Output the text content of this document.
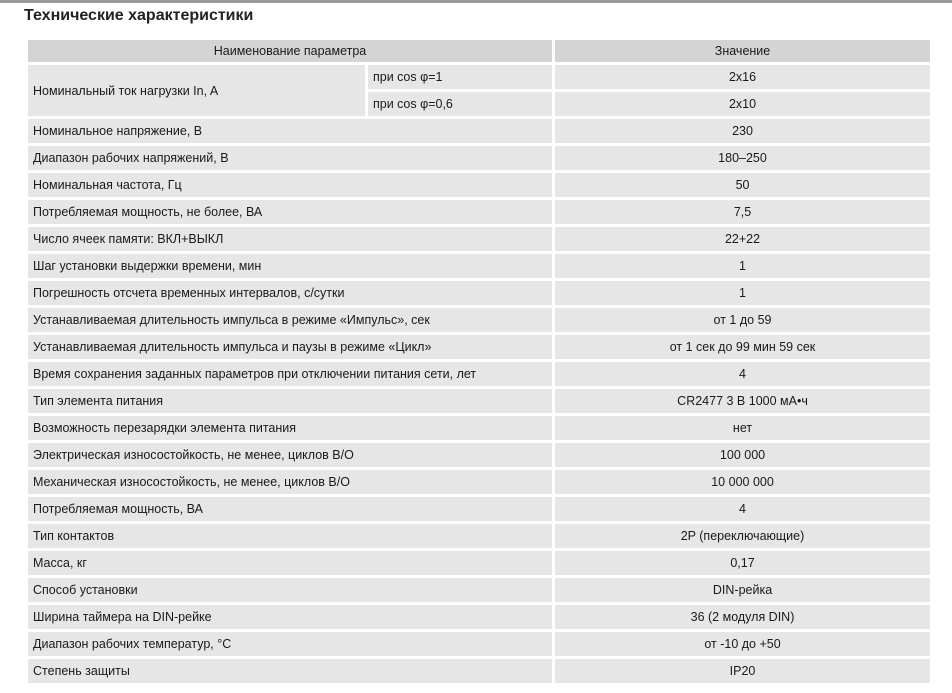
Технические характеристики
Наименование параметра		Значение
Номинальный ток нагрузки In, A	при cos φ=1	2x16
	при cos φ=0,6	2x10
Номинальное напряжение, В		230
Диапазон рабочих напряжений, В		180–250
Номинальная частота, Гц		50
Потребляемая мощность, не более, ВА		7,5
Число ячеек памяти: ВКЛ+ВЫКЛ		22+22
Шаг установки выдержки времени, мин		1
Погрешность отсчета временных интервалов, с/сутки		1
Устанавливаемая длительность импульса в режиме «Импульс», сек		от 1 до 59
Устанавливаемая длительность импульса и паузы в режиме «Цикл»		от 1 сек до 99 мин 59 сек
Время сохранения заданных параметров при отключении питания сети, лет		4
Тип элемента питания		CR2477 3 В 1000 мА•ч
Возможность перезарядки элемента питания		нет
Электрическая износостойкость, не менее, циклов В/О		100 000
Механическая износостойкость, не менее, циклов В/О		10 000 000
Потребляемая мощность, ВА		4
Тип контактов		2P (переключающие)
Масса, кг		0,17
Способ установки		DIN-рейка
Ширина таймера на DIN-рейке		36 (2 модуля DIN)
Диапазон рабочих температур, °С		от -10 до +50
Степень защиты		IP20
